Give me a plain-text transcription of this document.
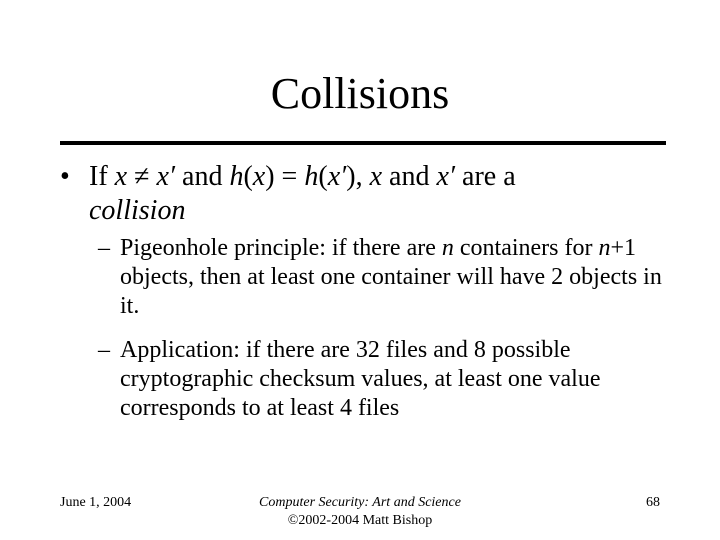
Collisions
• If x ≠ x′ and h(x) = h(x′), x and x′ are a
collision
– Pigeonhole principle: if there are n containers for n+1 objects, then at least one container will have 2 objects in it.
– Application: if there are 32 files and 8 possible cryptographic checksum values, at least one value corresponds to at least 4 files
June 1, 2004	Computer Security: Art and Science
©2002-2004 Matt Bishop
68
